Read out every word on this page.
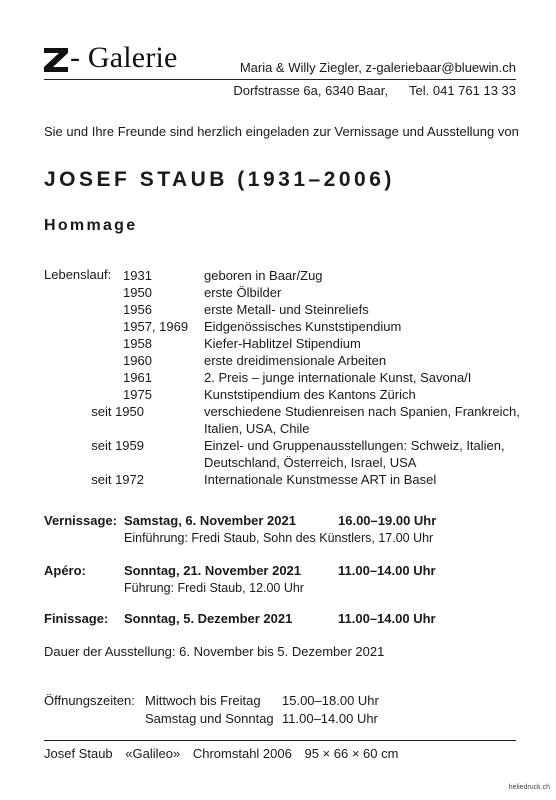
- Galerie	Maria & Willy Ziegler, z-galeriebaar@bluewin.ch
Dorfstrasse 6a, 6340 Baar, Tel. 041 761 13 33
Sie und Ihre Freunde sind herzlich eingeladen zur Vernissage und Ausstellung von
JOSEF STAUB (1931–2006)
Hommage
Lebenslauf: 1931	geboren in Baar/Zug
1950	erste Ölbilder
1956	erste Metall- und Steinreliefs
1957, 1969 Eidgenössisches Kunststipendium
1958	Kiefer-Hablitzel Stipendium
1960	erste dreidimensionale Arbeiten
1961	2. Preis – junge internationale Kunst, Savona/I
1975	Kunststipendium des Kantons Zürich
seit 1950	verschiedene Studienreisen nach Spanien, Frankreich, Italien, USA, Chile
seit 1959	Einzel- und Gruppenausstellungen: Schweiz, Italien, Deutschland, Österreich, Israel, USA
seit 1972	Internationale Kunstmesse ART in Basel
Vernissage: Samstag, 6. November 2021	16.00–19.00 Uhr
Einführung: Fredi Staub, Sohn des Künstlers, 17.00 Uhr
Apéro:	Sonntag, 21. November 2021	11.00–14.00 Uhr
Führung: Fredi Staub, 12.00 Uhr
Finissage: Sonntag, 5. Dezember 2021	11.00–14.00 Uhr
Dauer der Ausstellung: 6. November bis 5. Dezember 2021
Öffnungszeiten: Mittwoch bis Freitag 15.00–18.00 Uhr
Samstag und Sonntag 11.00–14.00 Uhr
Josef Staub «Galileo» Chromstahl 2006 95 × 66 × 60 cm
heliedruck.ch
